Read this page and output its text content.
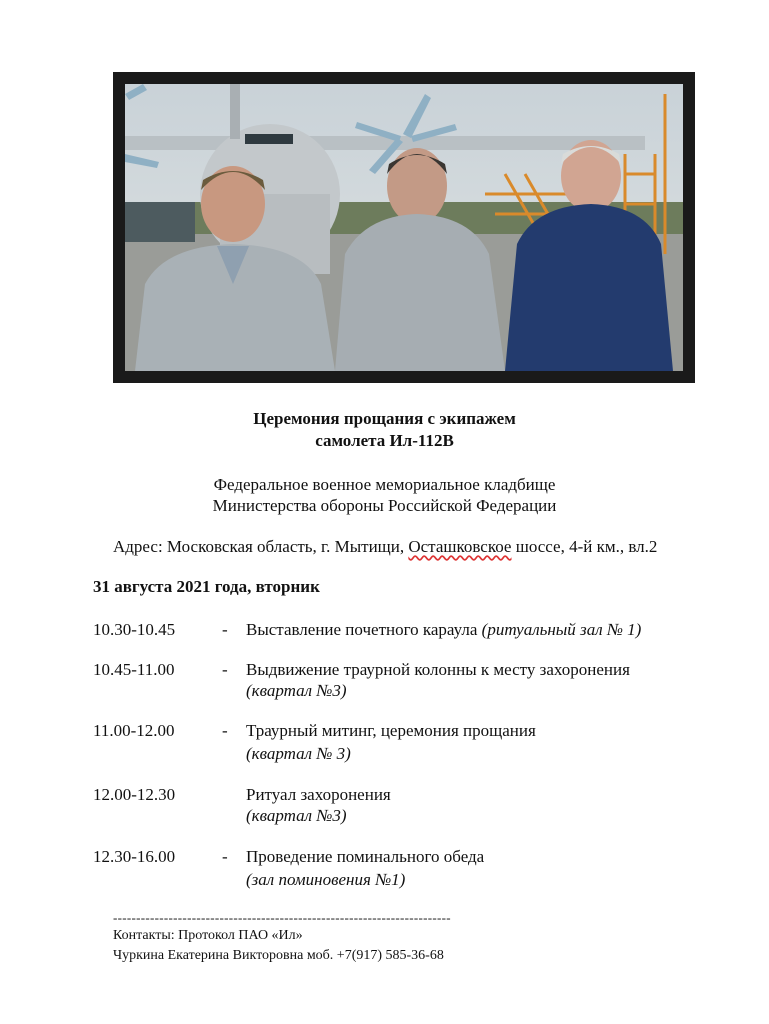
Церемония прощания с экипажем
самолета Ил-112В
Федеральное военное мемориальное кладбище
Министерства обороны Российской Федерации
Адрес: Московская область, г. Мытищи, Осташковское шоссе, 4-й км., вл.2
31 августа 2021 года, вторник
10.30-10.45	- Выставление почетного караула (ритуальный зал № 1)
10.45-11.00	- Выдвижение траурной колонны к месту захоронения
(квартал №3)
11.00-12.00	- Траурный митинг, церемония прощания
(квартал № 3)
12.00-12.30	Ритуал захоронения
(квартал №3)
12.30-16.00	- Проведение поминального обеда
(зал поминовения №1)
-------------------------------------------------------------------------
Контакты: Протокол ПАО «Ил»
Чуркина Екатерина Викторовна моб. +7(917) 585-36-68
